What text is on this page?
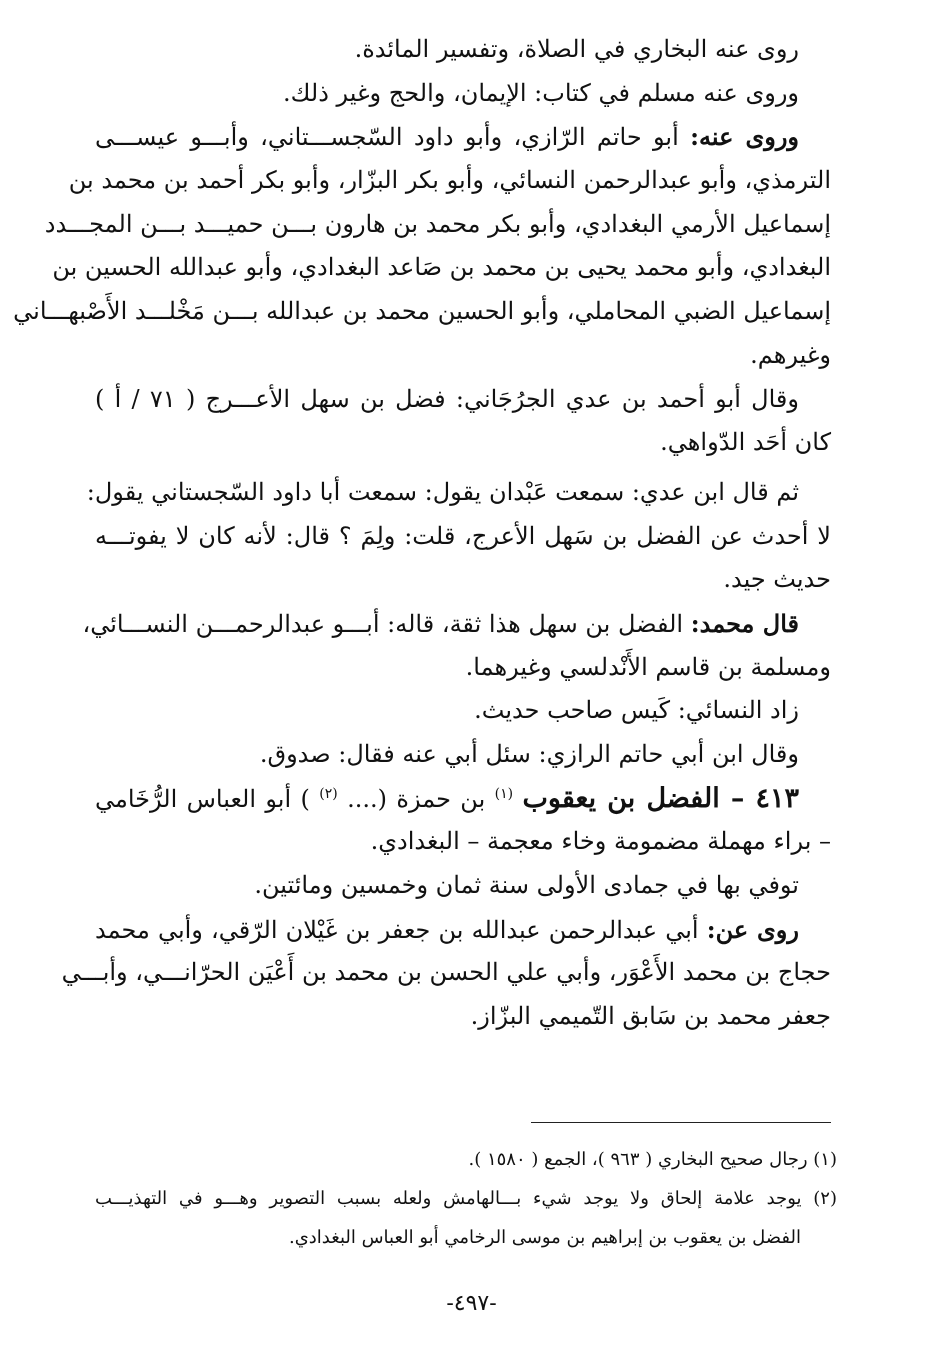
روى عنه البخاري في الصلاة، وتفسير المائدة.
وروى عنه مسلم في كتاب: الإيمان، والحج وغير ذلك.
وروى عنه: أبو حاتم الرّازي، وأبو داود السّجســـتاني، وأبـــو عيســـى
الترمذي، وأبو عبدالرحمن النسائي، وأبو بكر البزّار، وأبو بكر أحمد بن محمد بن
إسماعيل الأرمي البغدادي، وأبو بكر محمد بن هارون بـــن حميـــد بـــن المجـــدد
البغدادي، وأبو محمد يحيى بن محمد بن صَاعد البغدادي، وأبو عبدالله الحسين بن
إسماعيل الضبي المحاملي، وأبو الحسين محمد بن عبدالله بـــن مَخْلـــد الأَصْبهـــاني
وغيرهم.
وقال أبو أحمد بن عدي الجرُجَاني: فضل بن سهل الأعـــرج ( ٧١ / أ )
كان أحَد الدّواهي.
ثم قال ابن عدي: سمعت عَبْدان يقول: سمعت أبا داود السّجستاني يقول:
لا أحدث عن الفضل بن سَهل الأعرج، قلت: ولِمَ ؟ قال: لأنه كان لا يفوتـــه
حديث جيد.
قال محمد: الفضل بن سهل هذا ثقة، قاله: أبـــو عبدالرحمـــن النســـائي،
ومسلمة بن قاسم الأَنْدلسي وغيرهما.
زاد النسائي: كَيس صاحب حديث.
وقال ابن أبي حاتم الرازي: سئل أبي عنه فقال: صدوق.
٤١٣ – الفضل بن يعقوب $^{(١)}$ بن حمزة (.... $^{(٢)}$ ) أبو العباس الرُّخَامي
– براء مهملة مضمومة وخاء معجمة – البغدادي.
توفي بها في جمادى الأولى سنة ثمان وخمسين ومائتين.
روى عن: أبي عبدالرحمن عبدالله بن جعفر بن غَيْلان الرّقي، وأبي محمد
حجاج بن محمد الأَعْوَر، وأبي علي الحسن بن محمد بن أَعْيَن الحرّانـــي، وأبـــي
جعفر محمد بن سَابق التّميمي البزّاز.
(١) رجال صحيح البخاري ( ٩٦٣ )، الجمع ( ١٥٨٠ ).
(٢) يوجد علامة إلحاق ولا يوجد شيء بـــالهامش ولعله بسبب التصوير وهـــو في التهذيـــب
الفضل بن يعقوب بن إبراهيم بن موسى الرخامي أبو العباس البغدادي.
-٤٩٧-
